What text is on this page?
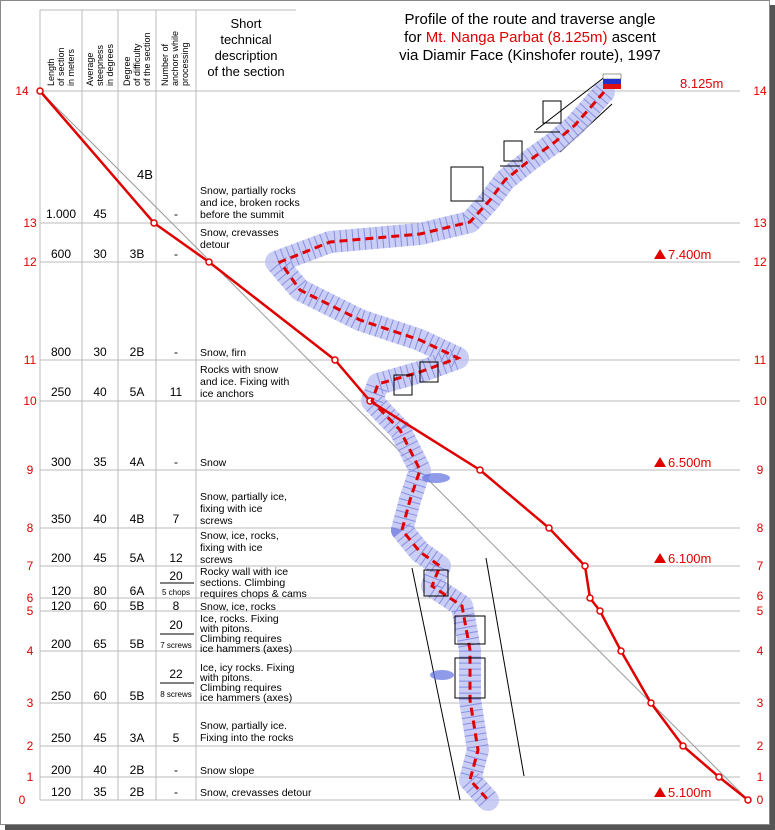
Length of section in meters Average steepness in degrees Degree of difficulty of the section Number of anchors while processing
Short
technical
description
of the section
Profile of the route and traverse angle
for Mt. Nanga Parbat (8.125m) ascent
via Diamir Face (Kinshofer route), 1997
0
1
2
3
4
5
6
7
8
9
10
11
12
13
14
0
1
2
3
4
5
6
7
8
9
10
11
12
13
14
5.100m
6.100m
6.500m
7.400m
8.125m
4B
1.000 45	-
Snow, partially rocks
and ice, broken rocks
before the summit
600 30 3B -
Snow, crevasses
detour
800 30 2B - Snow, firn
250 40 5A 11
Rocks with snow
and ice. Fixing with
ice anchors
300 35 4A - Snow
350 40 4B 7
Snow, partially ice,
fixing with ice
screws
200 45 5A 12
Snow, ice, rocks,
fixing with ice
screws
120 80 6A
20
5 chops
Rocky wall with ice
sections. Climbing
requires chops & cams
120 60 5B 8 Snow, ice, rocks
200 65 5B
20
7 screws
Ice, rocks. Fixing
with pitons.
Climbing requires
ice hammers (axes)
250 60 5B
22
8 screws
Ice, icy rocks. Fixing
with pitons.
Climbing requires
ice hammers (axes)
250 45 3A 5
Snow, partially ice.
Fixing into the rocks
200 40 2B - Snow slope
120 35 2B - Snow, crevasses detour
